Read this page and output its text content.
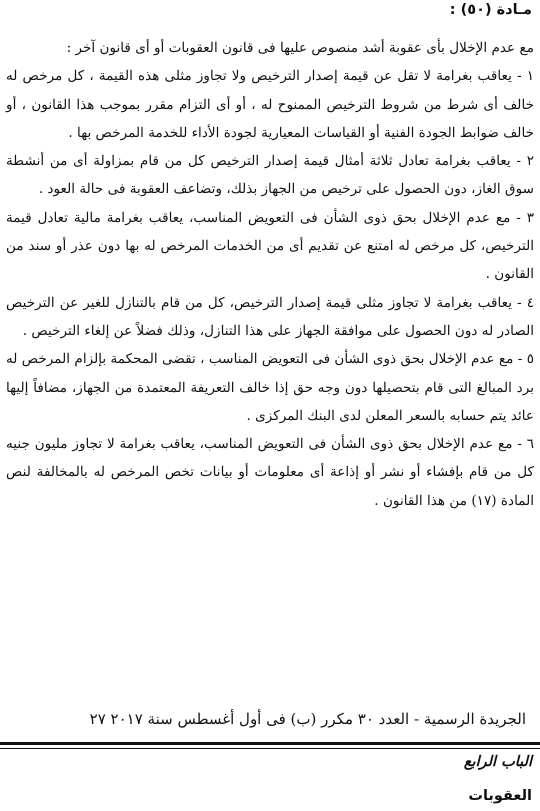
مـادة (٥٠) :

مع عدم الإخلال بأى عقوبة أشد منصوص عليها فى قانون العقوبات أو أى قانون آخر :

١ - يعاقب بغرامة لا تقل عن قيمة إصدار الترخيص ولا تجاوز مثلى هذه القيمة ، كل مرخص له خالف أى شرط من شروط الترخيص الممنوح له ، أو أى التزام مقرر بموجب هذا القانون ، أو خالف ضوابط الجودة الفنية أو القياسات المعيارية لجودة الأداء للخدمة المرخص بها .

٢ - يعاقب بغرامة تعادل ثلاثة أمثال قيمة إصدار الترخيص كل من قام بمزاولة أى من أنشطة سوق الغاز، دون الحصول على ترخيص من الجهاز بذلك، وتضاعف العقوبة فى حالة العود .

٣ - مع عدم الإخلال بحق ذوى الشأن فى التعويض المناسب، يعاقب بغرامة مالية تعادل قيمة الترخيص، كل مرخص له امتنع عن تقديم أى من الخدمات المرخص له بها دون عذر أو سند من القانون .

٤ - يعاقب بغرامة لا تجاوز مثلى قيمة إصدار الترخيص، كل من قام بالتنازل للغير عن الترخيص الصادر له دون الحصول على موافقة الجهاز على هذا التنازل، وذلك فضلاً عن إلغاء الترخيص .

٥ - مع عدم الإخلال بحق ذوى الشأن فى التعويض المناسب ، تقضى المحكمة بإلزام المرخص له برد المبالغ التى قام بتحصيلها دون وجه حق إذا خالف التعريفة المعتمدة من الجهاز، مضافاً إليها عائد يتم حسابه بالسعر المعلن لدى البنك المركزى .

٦ - مع عدم الإخلال بحق ذوى الشأن فى التعويض المناسب، يعاقب بغرامة لا تجاوز مليون جنيه كل من قام بإفشاء أو نشر أو إذاعة أى معلومات أو بيانات تخص المرخص له بالمخالفة لنص المادة (١٧) من هذا القانون .

الجريدة الرسمية - العدد ٣٠ مكرر (ب) فى أول أغسطس سنة ٢٠١٧ ٢٧
الباب الرابع
العقوبات
